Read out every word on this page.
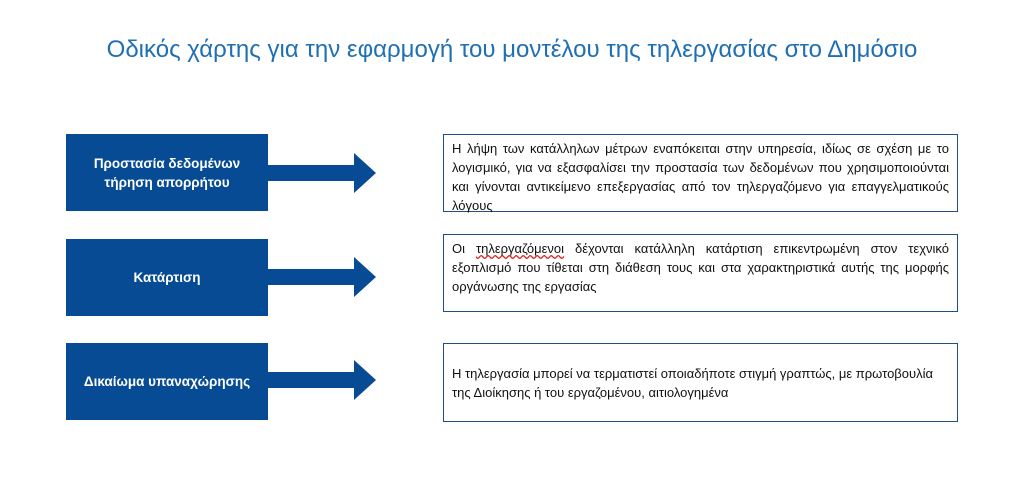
Οδικός χάρτης για την εφαρμογή του μοντέλου της τηλεργασίας στο Δημόσιο
Προστασία δεδομένων τήρηση απορρήτου
Η λήψη των κατάλληλων μέτρων εναπόκειται στην υπηρεσία, ιδίως σε σχέση με το λογισμικό, για να εξασφαλίσει την προστασία των δεδομένων που χρησιμοποιούνται και γίνονται αντικείμενο επεξεργασίας από τον τηλεργαζόμενο για επαγγελματικούς λόγους
Κατάρτιση
Οι τηλεργαζόμενοι δέχονται κατάλληλη κατάρτιση επικεντρωμένη στον τεχνικό εξοπλισμό που τίθεται στη διάθεση τους και στα χαρακτηριστικά αυτής της μορφής οργάνωσης της εργασίας
Δικαίωμα υπαναχώρησης
Η τηλεργασία μπορεί να τερματιστεί οποιαδήποτε στιγμή γραπτώς, με πρωτοβουλία της Διοίκησης ή του εργαζομένου, αιτιολογημένα
